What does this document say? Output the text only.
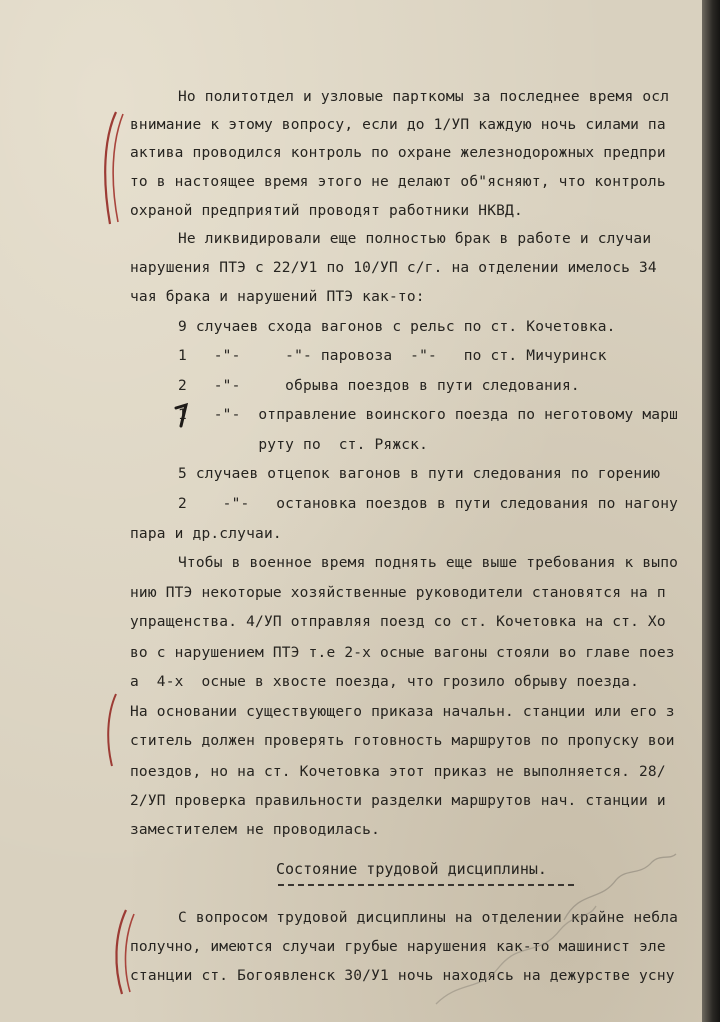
Но политотдел и узловые парткомы за последнее время осл
внимание к этому вопросу, если до 1/УП каждую ночь силами па
актива проводился контроль по охране железнодорожных предпри
то в настоящее время этого не делают об"ясняют, что контроль
охраной предприятий проводят работники НКВД.
Не ликвидировали еще полностью брак в работе и случаи
нарушения ПТЭ с 22/У1 по 10/УП с/г. на отделении имелось 34
чая брака и нарушений ПТЭ как-то:
9 случаев схода вагонов с рельс по ст. Кочетовка.
1   -"-     -"- паровоза  -"-   по ст. Мичуринск
2   -"-     обрыва поездов в пути следования.
1   -"-  отправление воинского поезда по неготовому марш
руту по  ст. Ряжск.
5 случаев отцепок вагонов в пути следования по горению
2    -"-   остановка поездов в пути следования по нагону
пара и др.случаи.
Чтобы в военное время поднять еще выше требования к выпо
нию ПТЭ некоторые хозяйственные руководители становятся на п
упращенства. 4/УП отправляя поезд со ст. Кочетовка на ст. Хо
во с нарушением ПТЭ т.е 2-х осные вагоны стояли во главе поез
а  4-х  осные в хвосте поезда, что грозило обрыву поезда.
На основании существующего приказа начальн. станции или его з
ститель должен проверять готовность маршрутов по пропуску вои
поездов, но на ст. Кочетовка этот приказ не выполняется. 28/
2/УП проверка правильности разделки маршрутов нач. станции и
заместителем не проводилась.
Состояние трудовой дисциплины.
С вопросом трудовой дисциплины на отделении крайне небла
получно, имеются случаи грубые нарушения как-то машинист эле
станции ст. Богоявленск 30/У1 ночь находясь на дежурстве усну
